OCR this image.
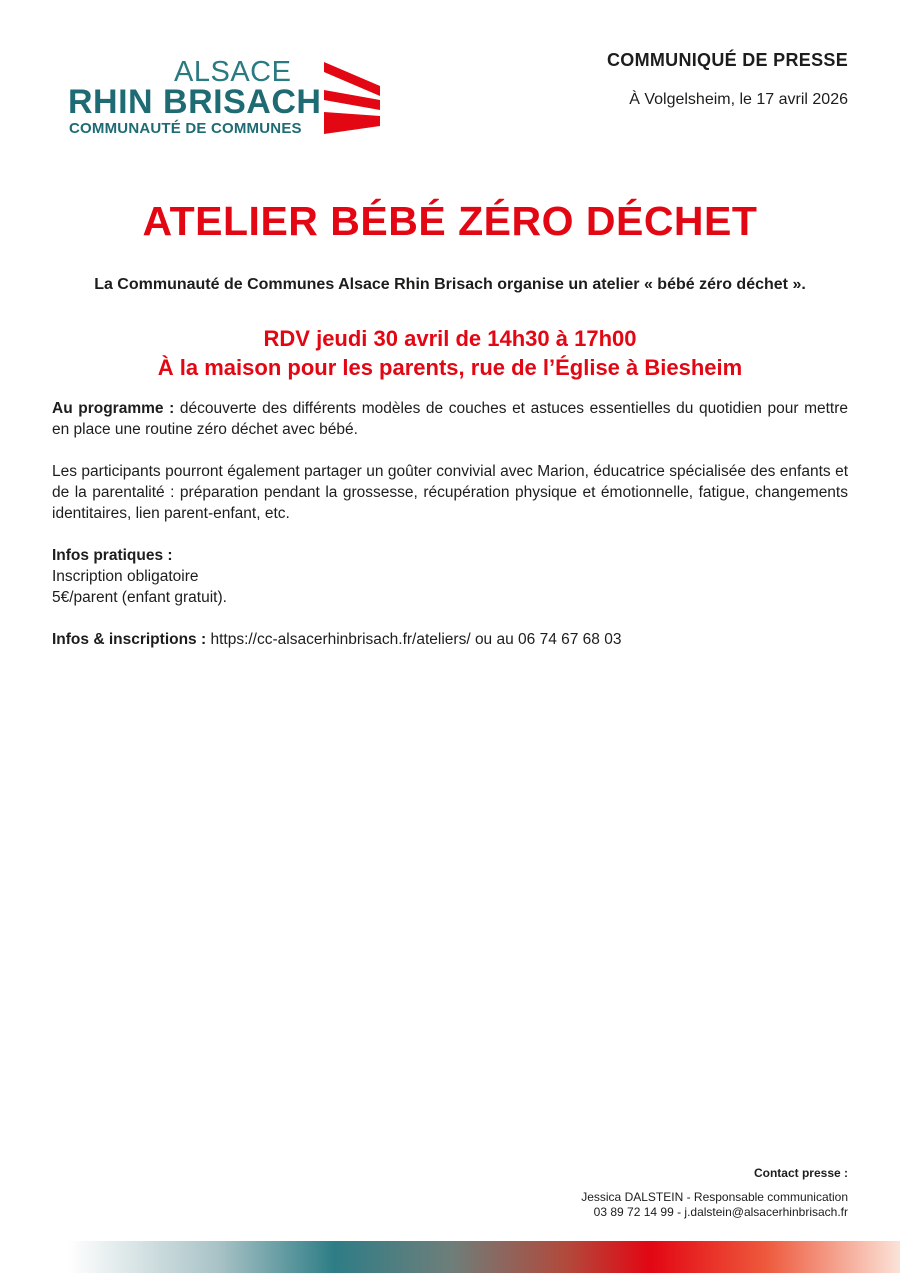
ALSACE
RHIN BRISACH
COMMUNAUTÉ DE COMMUNES
COMMUNIQUÉ DE PRESSE
À Volgelsheim, le 17 avril 2026
ATELIER BÉBÉ ZÉRO DÉCHET
La Communauté de Communes Alsace Rhin Brisach organise un atelier « bébé zéro déchet ».
RDV jeudi 30 avril de 14h30 à 17h00
À la maison pour les parents, rue de l’Église à Biesheim

Au programme : découverte des différents modèles de couches et astuces essentielles du quotidien pour mettre en place une routine zéro déchet avec bébé.

Les participants pourront également partager un goûter convivial avec Marion, éducatrice spécialisée des enfants et de la parentalité : préparation pendant la grossesse, récupération physique et émotionnelle, fatigue, changements identitaires, lien parent-enfant, etc.

Infos pratiques :

Inscription obligatoire

5€/parent (enfant gratuit).

Infos & inscriptions : https://cc-alsacerhinbrisach.fr/ateliers/ ou au 06 74 67 68 03

Contact presse :
Jessica DALSTEIN - Responsable communication
03 89 72 14 99 - j.dalstein@alsacerhinbrisach.fr
